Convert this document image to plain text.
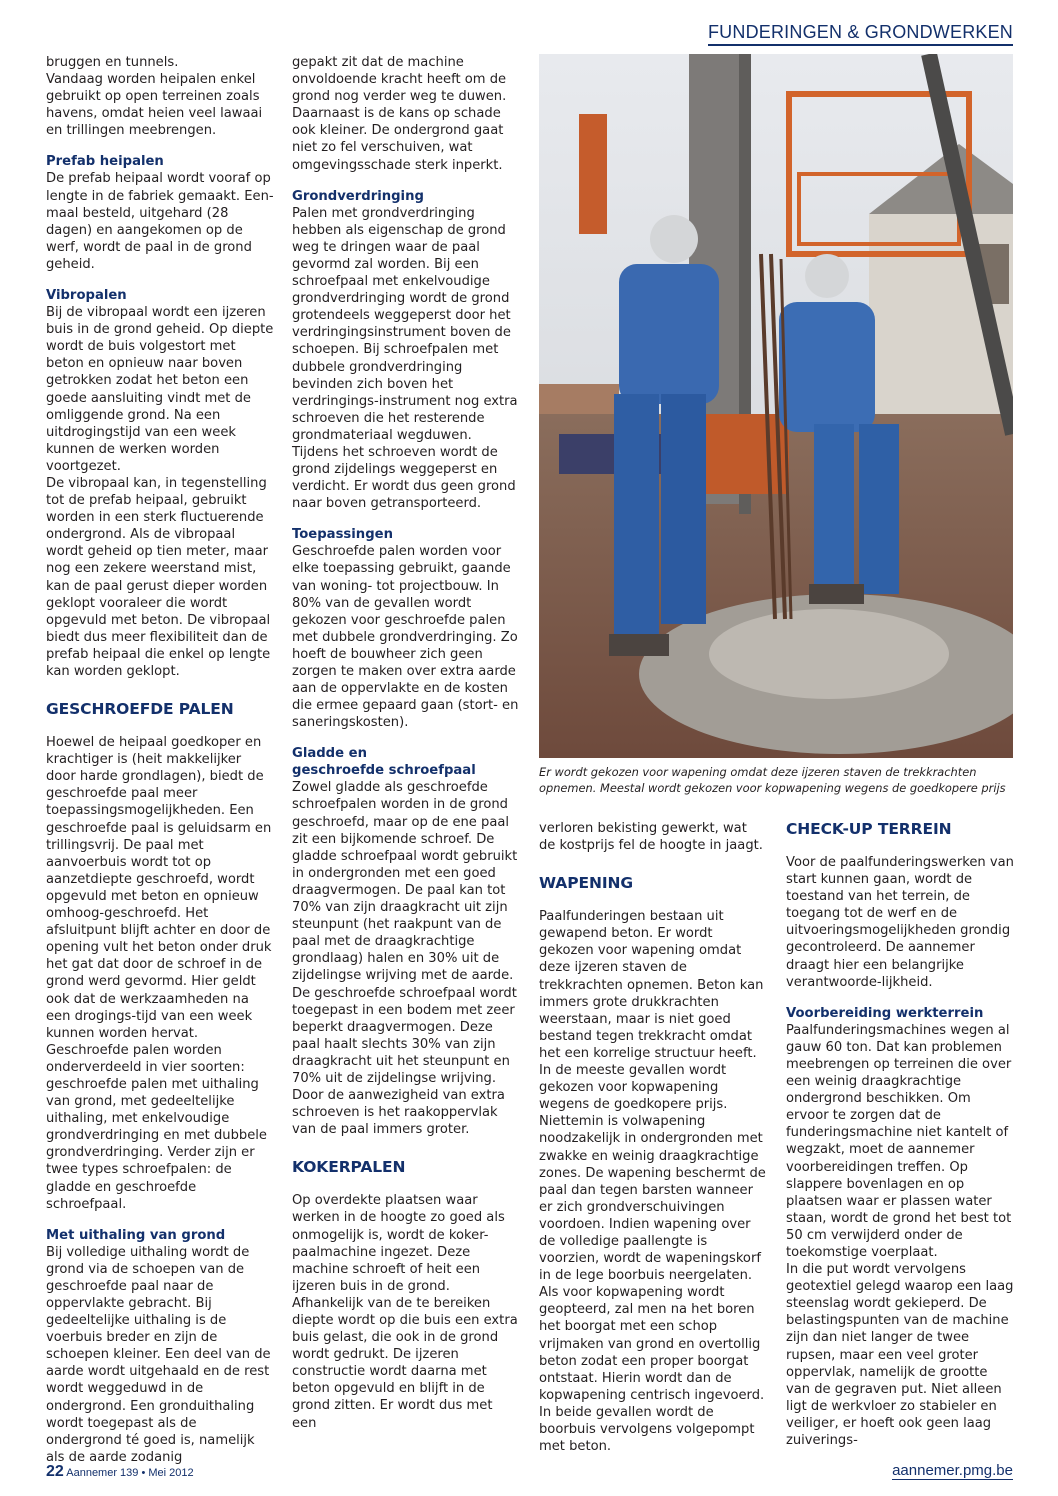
FUNDERINGEN & GRONDWERKEN

bruggen en tunnels.
Vandaag worden heipalen enkel gebruikt op open terreinen zoals havens, omdat heien veel lawaai en trillingen meebrengen.

Prefab heipalen

De prefab heipaal wordt vooraf op lengte in de fabriek gemaakt. Een-maal besteld, uitgehard (28 dagen) en aangekomen op de werf, wordt de paal in de grond geheid.

Vibropalen

Bij de vibropaal wordt een ijzeren buis in de grond geheid. Op diepte wordt de buis volgestort met beton en opnieuw naar boven getrokken zodat het beton een goede aansluiting vindt met de omliggende grond. Na een uitdrogingstijd van een week kunnen de werken worden voortgezet.

De vibropaal kan, in tegenstelling tot de prefab heipaal, gebruikt worden in een sterk fluctuerende ondergrond. Als de vibropaal wordt geheid op tien meter, maar nog een zekere weerstand mist, kan de paal gerust dieper worden geklopt vooraleer die wordt opgevuld met beton. De vibropaal biedt dus meer flexibiliteit dan de prefab heipaal die enkel op lengte kan worden geklopt.

GESCHROEFDE PALEN

Hoewel de heipaal goedkoper en krachtiger is (heit makkelijker door harde grondlagen), biedt de geschroefde paal meer toepassingsmogelijkheden. Een geschroefde paal is geluidsarm en trillingsvrij. De paal met aanvoerbuis wordt tot op aanzetdiepte geschroefd, wordt opgevuld met beton en opnieuw omhoog-geschroefd. Het afsluitpunt blijft achter en door de opening vult het beton onder druk het gat dat door de schroef in de grond werd gevormd. Hier geldt ook dat de werkzaamheden na een drogings-tijd van een week kunnen worden hervat.

Geschroefde palen worden onderverdeeld in vier soorten: geschroefde palen met uithaling van grond, met gedeeltelijke uithaling, met enkelvoudige grondverdringing en met dubbele grondverdringing. Verder zijn er twee types schroefpalen: de gladde en geschroefde schroefpaal.

Met uithaling van grond

Bij volledige uithaling wordt de grond via de schoepen van de geschroefde paal naar de oppervlakte gebracht. Bij gedeeltelijke uithaling is de voerbuis breder en zijn de schoepen kleiner. Een deel van de aarde wordt uitgehaald en de rest wordt weggeduwd in de ondergrond. Een gronduithaling wordt toegepast als de ondergrond té goed is, namelijk als de aarde zodanig

gepakt zit dat de machine onvoldoende kracht heeft om de grond nog verder weg te duwen. Daarnaast is de kans op schade ook kleiner. De ondergrond gaat niet zo fel verschuiven, wat omgevingsschade sterk inperkt.

Grondverdringing

Palen met grondverdringing hebben als eigenschap de grond weg te dringen waar de paal gevormd zal worden. Bij een schroefpaal met enkelvoudige grondverdringing wordt de grond grotendeels weggeperst door het verdringingsinstrument boven de schoepen. Bij schroefpalen met dubbele grondverdringing bevinden zich boven het verdringings-instrument nog extra schroeven die het resterende grondmateriaal wegduwen. Tijdens het schroeven wordt de grond zijdelings weggeperst en verdicht. Er wordt dus geen grond naar boven getransporteerd.

Toepassingen

Geschroefde palen worden voor elke toepassing gebruikt, gaande van woning- tot projectbouw. In 80% van de gevallen wordt gekozen voor geschroefde palen met dubbele grondverdringing. Zo hoeft de bouwheer zich geen zorgen te maken over extra aarde aan de oppervlakte en de kosten die ermee gepaard gaan (stort- en saneringskosten).

Gladde en
geschroefde schroefpaal

Zowel gladde als geschroefde schroefpalen worden in de grond geschroefd, maar op de ene paal zit een bijkomende schroef. De gladde schroefpaal wordt gebruikt in ondergronden met een goed draagvermogen. De paal kan tot 70% van zijn draagkracht uit zijn steunpunt (het raakpunt van de paal met de draagkrachtige grondlaag) halen en 30% uit de zijdelingse wrijving met de aarde. De geschroefde schroefpaal wordt toegepast in een bodem met zeer beperkt draagvermogen. Deze paal haalt slechts 30% van zijn draagkracht uit het steunpunt en 70% uit de zijdelingse wrijving. Door de aanwezigheid van extra schroeven is het raakoppervlak van de paal immers groter.

KOKERPALEN

Op overdekte plaatsen waar werken in de hoogte zo goed als onmogelijk is, wordt de koker-paalmachine ingezet. Deze machine schroeft of heit een ijzeren buis in de grond. Afhankelijk van de te bereiken diepte wordt op die buis een extra buis gelast, die ook in de grond wordt gedrukt. De ijzeren constructie wordt daarna met beton opgevuld en blijft in de grond zitten. Er wordt dus met een

Er wordt gekozen voor wapening omdat deze ijzeren staven de trekkrachten opnemen. Meestal wordt gekozen voor kopwapening wegens de goedkopere prijs

verloren bekisting gewerkt, wat de kostprijs fel de hoogte in jaagt.

WAPENING

Paalfunderingen bestaan uit gewapend beton. Er wordt gekozen voor wapening omdat deze ijzeren staven de trekkrachten opnemen. Beton kan immers grote drukkrachten weerstaan, maar is niet goed bestand tegen trekkracht omdat het een korrelige structuur heeft. In de meeste gevallen wordt gekozen voor kopwapening wegens de goedkopere prijs. Niettemin is volwapening noodzakelijk in ondergronden met zwakke en weinig draagkrachtige zones. De wapening beschermt de paal dan tegen barsten wanneer er zich grondverschuivingen voordoen. Indien wapening over de volledige paallengte is voorzien, wordt de wapeningskorf in de lege boorbuis neergelaten. Als voor kopwapening wordt geopteerd, zal men na het boren het boorgat met een schop vrijmaken van grond en overtollig beton zodat een proper boorgat ontstaat. Hierin wordt dan de kopwapening centrisch ingevoerd. In beide gevallen wordt de boorbuis vervolgens volgepompt met beton.

CHECK-UP TERREIN

Voor de paalfunderingswerken van start kunnen gaan, wordt de toestand van het terrein, de toegang tot de werf en de uitvoeringsmogelijkheden grondig gecontroleerd. De aannemer draagt hier een belangrijke verantwoorde-lijkheid.

Voorbereiding werkterrein

Paalfunderingsmachines wegen al gauw 60 ton. Dat kan problemen meebrengen op terreinen die over een weinig draagkrachtige ondergrond beschikken. Om ervoor te zorgen dat de funderingsmachine niet kantelt of wegzakt, moet de aannemer voorbereidingen treffen. Op slappere bovenlagen en op plaatsen waar er plassen water staan, wordt de grond het best tot 50 cm verwijderd onder de toekomstige voerplaat.

In die put wordt vervolgens geotextiel gelegd waarop een laag steenslag wordt gekieperd. De belastingspunten van de machine zijn dan niet langer de twee rupsen, maar een veel groter oppervlak, namelijk de grootte van de gegraven put. Niet alleen ligt de werkvloer zo stabieler en veiliger, er hoeft ook geen laag zuiverings-

22 Aannemer 139 • Mei 2012	aannemer.pmg.be
